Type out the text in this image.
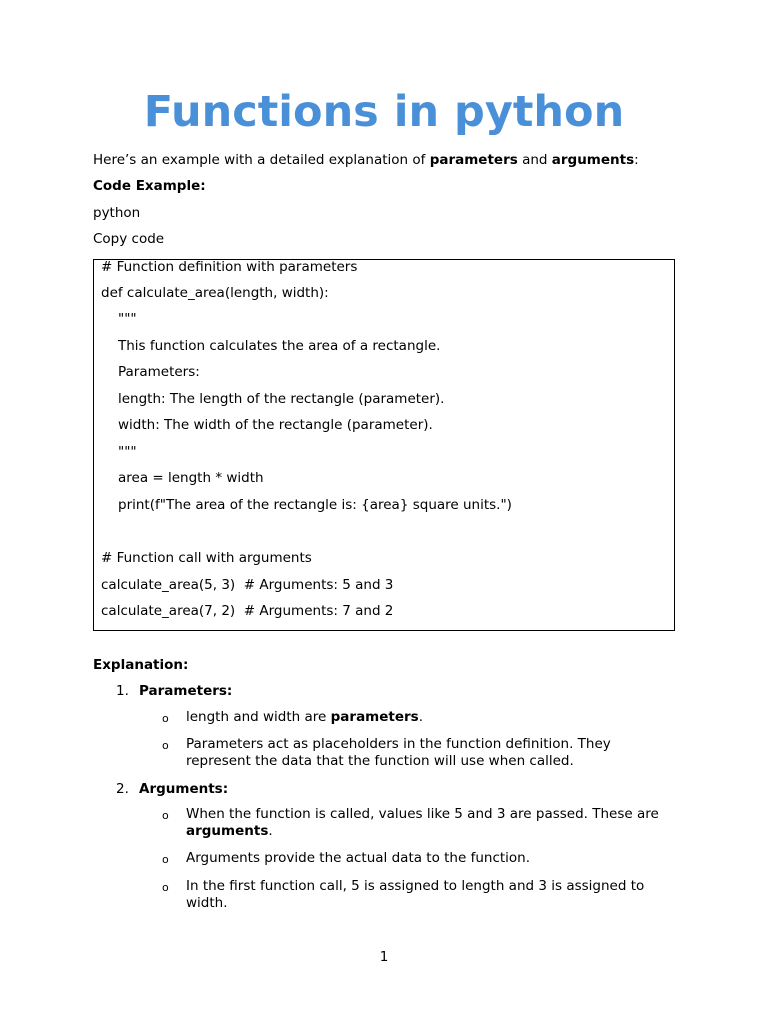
Functions in python

Here’s an example with a detailed explanation of parameters and arguments:

Code Example:

python

Copy code

# Function definition with parameters

def calculate_area(length, width):

"""

This function calculates the area of a rectangle.

Parameters:

length: The length of the rectangle (parameter).

width: The width of the rectangle (parameter).

"""

area = length * width

print(f"The area of the rectangle is: {area} square units.")

# Function call with arguments

calculate_area(5, 3)  # Arguments: 5 and 3

calculate_area(7, 2)  # Arguments: 7 and 2

Explanation:

1. Parameters:

o length and width are parameters.

o Parameters act as placeholders in the function definition. They represent the data that the function will use when called.

2. Arguments:

o When the function is called, values like 5 and 3 are passed. These are arguments.

o Arguments provide the actual data to the function.

o In the first function call, 5 is assigned to length and 3 is assigned to width.

1
